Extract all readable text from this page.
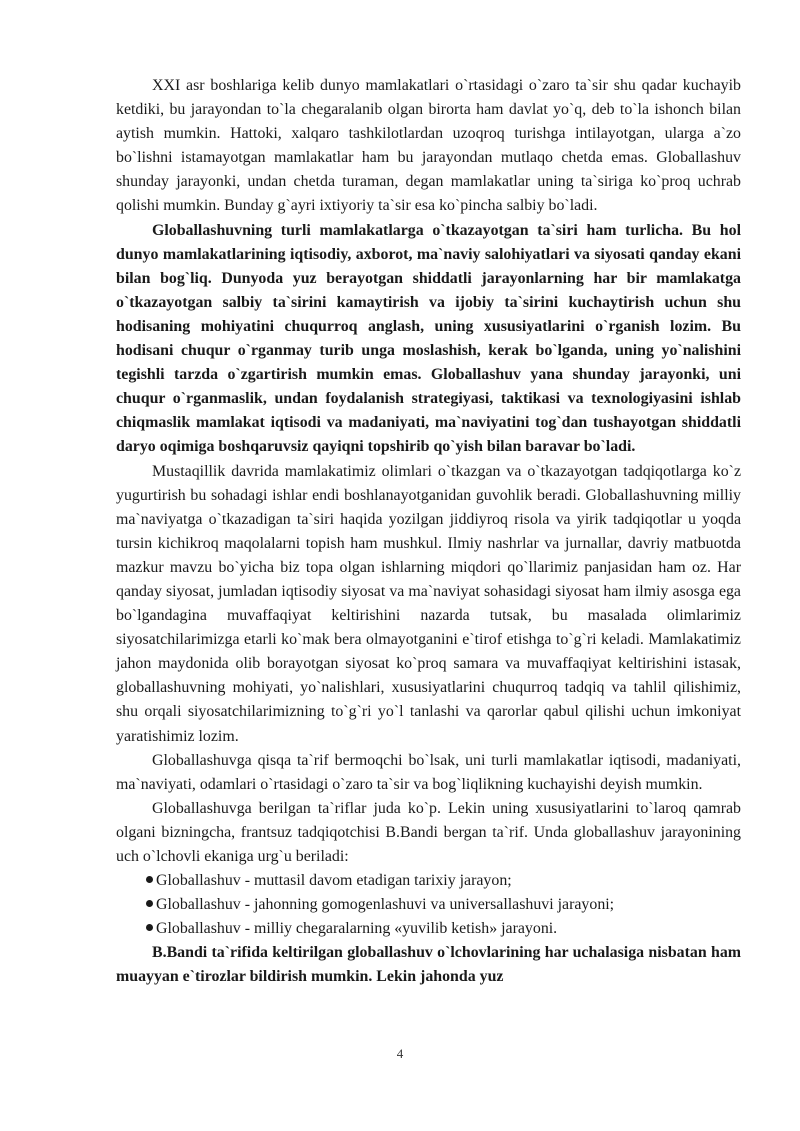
XXI asr boshlariga kelib dunyo mamlakatlari o`rtasidagi o`zaro ta`sir shu qadar kuchayib ketdiki, bu jarayondan to`la chegaralanib olgan birorta ham davlat yo`q, deb to`la ishonch bilan aytish mumkin. Hattoki, xalqaro tashkilotlardan uzoqroq turishga intilayotgan, ularga a`zo bo`lishni istamayotgan mamlakatlar ham bu jarayondan mutlaqo chetda emas. Globallashuv shunday jarayonki, undan chetda turaman, degan mamlakatlar uning ta`siriga ko`proq uchrab qolishi mumkin. Bunday g`ayri ixtiyoriy ta`sir esa ko`pincha salbiy bo`ladi.

Globallashuvning turli mamlakatlarga o`tkazayotgan ta`siri ham turlicha. Bu hol dunyo mamlakatlarining iqtisodiy, axborot, ma`naviy salohiyatlari va siyosati qanday ekani bilan bog`liq. Dunyoda yuz berayotgan shiddatli jarayonlarning har bir mamlakatga o`tkazayotgan salbiy ta`sirini kamaytirish va ijobiy ta`sirini kuchaytirish uchun shu hodisaning mohiyatini chuqurroq anglash, uning xususiyatlarini o`rganish lozim. Bu hodisani chuqur o`rganmay turib unga moslashish, kerak bo`lganda, uning yo`nalishini tegishli tarzda o`zgartirish mumkin emas. Globallashuv yana shunday jarayonki, uni chuqur o`rganmaslik, undan foydalanish strategiyasi, taktikasi va texnologiyasini ishlab chiqmaslik mamlakat iqtisodi va madaniyati, ma`naviyatini tog`dan tushayotgan shiddatli daryo oqimiga boshqaruvsiz qayiqni topshirib qo`yish bilan baravar bo`ladi.

Mustaqillik davrida mamlakatimiz olimlari o`tkazgan va o`tkazayotgan tadqiqotlarga ko`z yugurtirish bu sohadagi ishlar endi boshlanayotganidan guvohlik beradi. Globallashuvning milliy ma`naviyatga o`tkazadigan ta`siri haqida yozilgan jiddiyroq risola va yirik tadqiqotlar u yoqda tursin kichikroq maqolalarni topish ham mushkul. Ilmiy nashrlar va jurnallar, davriy matbuotda mazkur mavzu bo`yicha biz topa olgan ishlarning miqdori qo`llarimiz panjasidan ham oz. Har qanday siyosat, jumladan iqtisodiy siyosat va ma`naviyat sohasidagi siyosat ham ilmiy asosga ega bo`lgandagina muvaffaqiyat keltirishini nazarda tutsak, bu masalada olimlarimiz siyosatchilarimizga etarli ko`mak bera olmayotganini e`tirof etishga to`g`ri keladi. Mamlakatimiz jahon maydonida olib borayotgan siyosat ko`proq samara va muvaffaqiyat keltirishini istasak, globallashuvning mohiyati, yo`nalishlari, xususiyatlarini chuqurroq tadqiq va tahlil qilishimiz, shu orqali siyosatchilarimizning to`g`ri yo`l tanlashi va qarorlar qabul qilishi uchun imkoniyat yaratishimiz lozim.

Globallashuvga qisqa ta`rif bermoqchi bo`lsak, uni turli mamlakatlar iqtisodi, madaniyati, ma`naviyati, odamlari o`rtasidagi o`zaro ta`sir va bog`liqlikning kuchayishi deyish mumkin.

Globallashuvga berilgan ta`riflar juda ko`p. Lekin uning xususiyatlarini to`laroq qamrab olgani bizningcha, frantsuz tadqiqotchisi B.Bandi bergan ta`rif. Unda globallashuv jarayonining uch o`lchovli ekaniga urg`u beriladi:

Globallashuv - muttasil davom etadigan tarixiy jarayon;
Globallashuv - jahonning gomogenlashuvi va universallashuvi jarayoni;
Globallashuv - milliy chegaralarning «yuvilib ketish» jarayoni.

B.Bandi ta`rifida keltirilgan globallashuv o`lchovlarining har uchalasiga nisbatan ham muayyan e`tirozlar bildirish mumkin. Lekin jahonda yuz

4
